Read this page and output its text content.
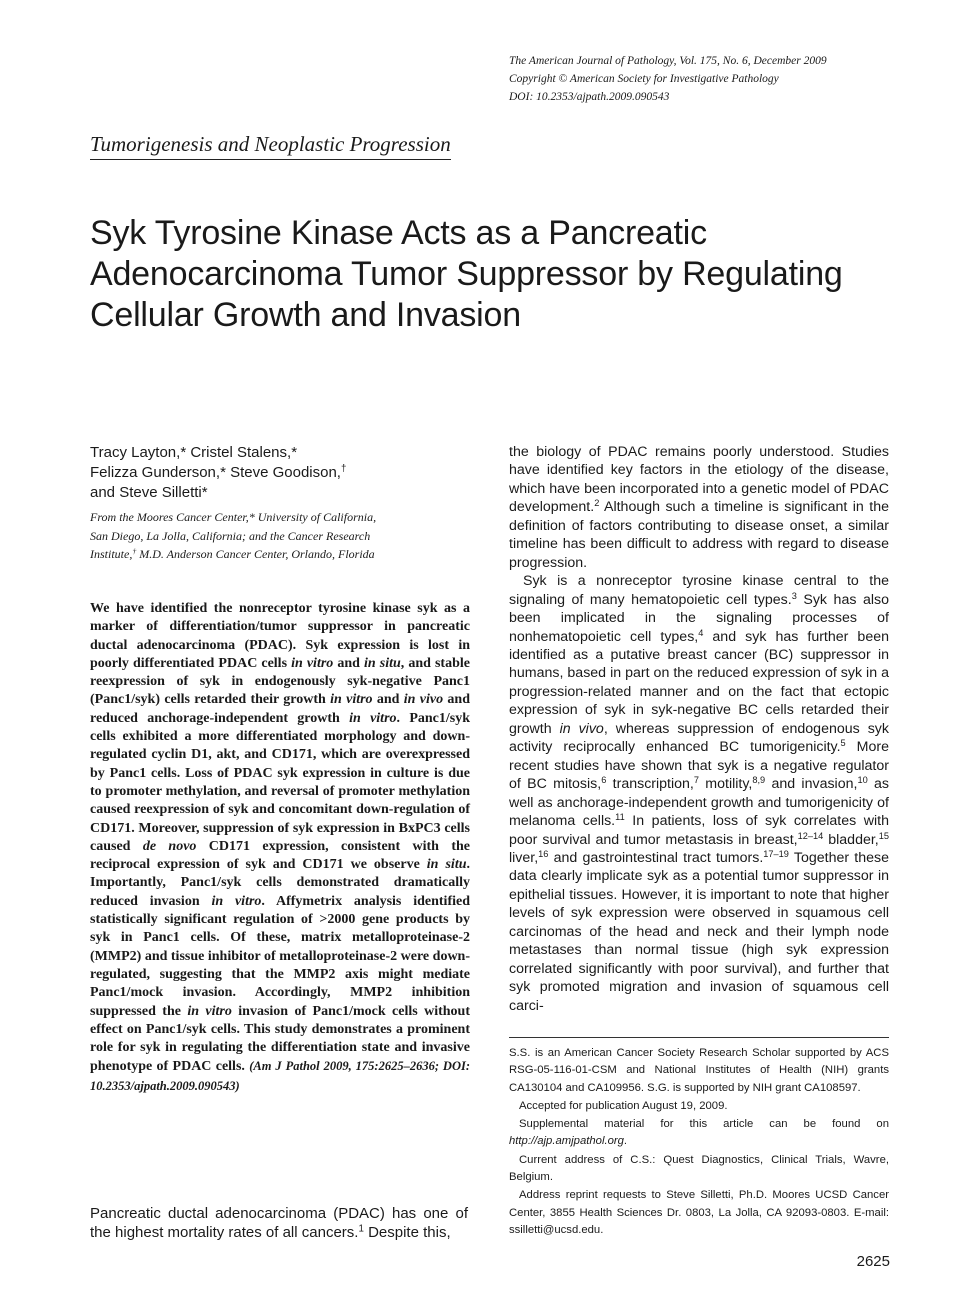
The American Journal of Pathology, Vol. 175, No. 6, December 2009
Copyright © American Society for Investigative Pathology
DOI: 10.2353/ajpath.2009.090543
Tumorigenesis and Neoplastic Progression
Syk Tyrosine Kinase Acts as a Pancreatic
Adenocarcinoma Tumor Suppressor by Regulating
Cellular Growth and Invasion
Tracy Layton,* Cristel Stalens,*
Felizza Gunderson,* Steve Goodison,†
and Steve Silletti*
From the Moores Cancer Center,* University of California,
San Diego, La Jolla, California; and the Cancer Research
Institute,† M.D. Anderson Cancer Center, Orlando, Florida
We have identified the nonreceptor tyrosine kinase syk as a marker of differentiation/tumor suppressor in pancreatic ductal adenocarcinoma (PDAC). Syk expression is lost in poorly differentiated PDAC cells in vitro and in situ, and stable reexpression of syk in endogenously syk-negative Panc1 (Panc1/syk) cells retarded their growth in vitro and in vivo and reduced anchorage-independent growth in vitro. Panc1/syk cells exhibited a more differentiated morphology and down-regulated cyclin D1, akt, and CD171, which are overexpressed by Panc1 cells. Loss of PDAC syk expression in culture is due to promoter methylation, and reversal of promoter methylation caused reexpression of syk and concomitant down-regulation of CD171. Moreover, suppression of syk expression in BxPC3 cells caused de novo CD171 expression, consistent with the reciprocal expression of syk and CD171 we observe in situ. Importantly, Panc1/syk cells demonstrated dramatically reduced invasion in vitro. Affymetrix analysis identified statistically significant regulation of >2000 gene products by syk in Panc1 cells. Of these, matrix metalloproteinase-2 (MMP2) and tissue inhibitor of metalloproteinase-2 were down-regulated, suggesting that the MMP2 axis might mediate Panc1/mock invasion. Accordingly, MMP2 inhibition suppressed the in vitro invasion of Panc1/mock cells without effect on Panc1/syk cells. This study demonstrates a prominent role for syk in regulating the differentiation state and invasive phenotype of PDAC cells. (Am J Pathol 2009, 175:2625–2636; DOI: 10.2353/ajpath.2009.090543)
Pancreatic ductal adenocarcinoma (PDAC) has one of the highest mortality rates of all cancers.$^1$ Despite this,

the biology of PDAC remains poorly understood. Studies have identified key factors in the etiology of the disease, which have been incorporated into a genetic model of PDAC development.$^2$ Although such a timeline is significant in the definition of factors contributing to disease onset, a similar timeline has been difficult to address with regard to disease progression.

Syk is a nonreceptor tyrosine kinase central to the signaling of many hematopoietic cell types.$^3$ Syk has also been implicated in the signaling processes of nonhematopoietic cell types,$^4$ and syk has further been identified as a putative breast cancer (BC) suppressor in humans, based in part on the reduced expression of syk in a progression-related manner and on the fact that ectopic expression of syk in syk-negative BC cells retarded their growth in vivo, whereas suppression of endogenous syk activity reciprocally enhanced BC tumorigenicity.$^5$ More recent studies have shown that syk is a negative regulator of BC mitosis,$^6$ transcription,$^7$ motility,$^{8,9}$ and invasion,$^{10}$ as well as anchorage-independent growth and tumorigenicity of melanoma cells.$^{11}$ In patients, loss of syk correlates with poor survival and tumor metastasis in breast,$^{12-14}$ bladder,$^{15}$ liver,$^{16}$ and gastrointestinal tract tumors.$^{17-19}$ Together these data clearly implicate syk as a potential tumor suppressor in epithelial tissues. However, it is important to note that higher levels of syk expression were observed in squamous cell carcinomas of the head and neck and their lymph node metastases than normal tissue (high syk expression correlated significantly with poor survival), and further that syk promoted migration and invasion of squamous cell carci-

S.S. is an American Cancer Society Research Scholar supported by ACS RSG-05-116-01-CSM and National Institutes of Health (NIH) grants CA130104 and CA109956. S.G. is supported by NIH grant CA108597.

Accepted for publication August 19, 2009.

Supplemental material for this article can be found on http://ajp.amjpathol.org.

Current address of C.S.: Quest Diagnostics, Clinical Trials, Wavre, Belgium.

Address reprint requests to Steve Silletti, Ph.D. Moores UCSD Cancer Center, 3855 Health Sciences Dr. 0803, La Jolla, CA 92093-0803. E-mail: ssilletti@ucsd.edu.

2625
